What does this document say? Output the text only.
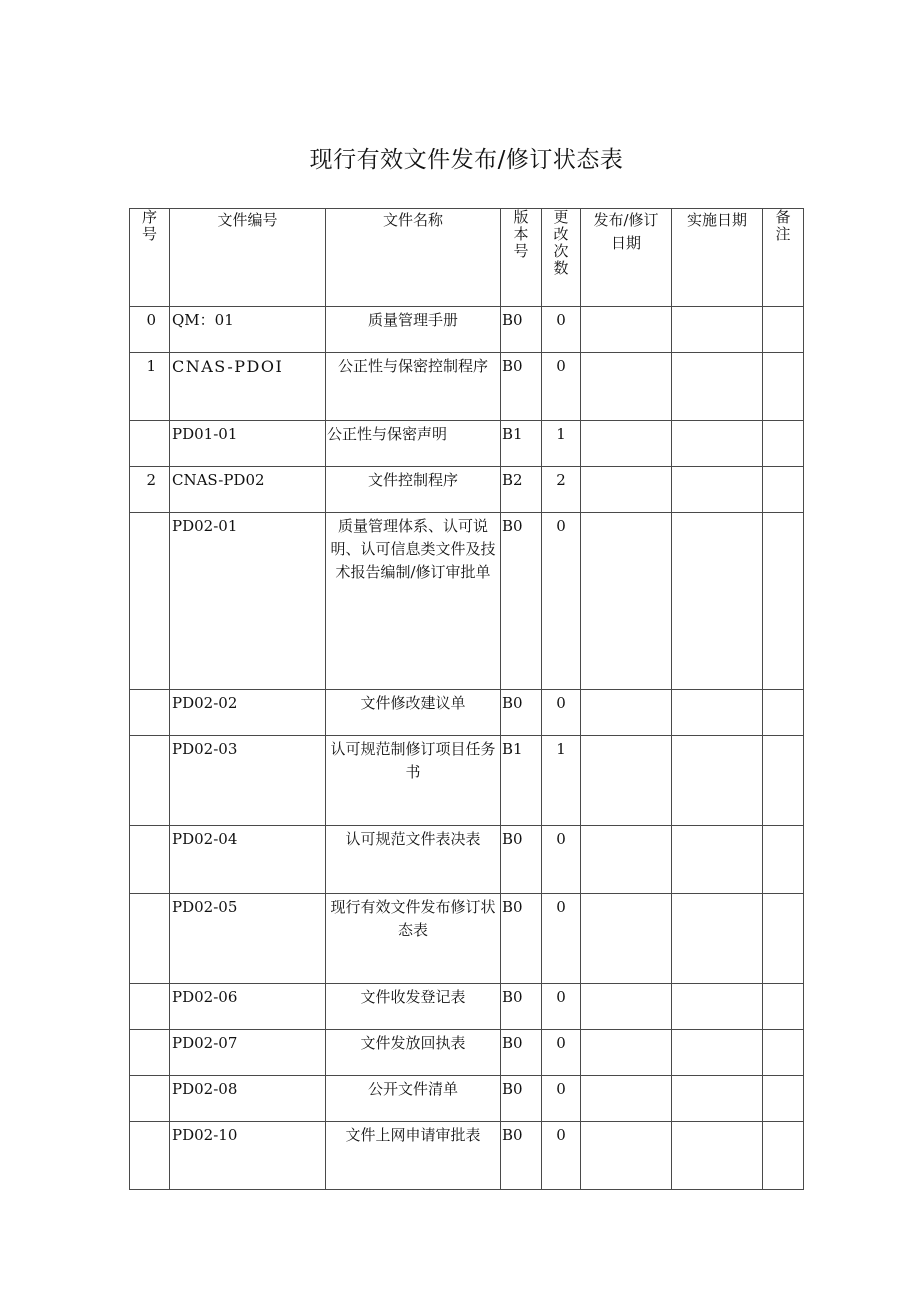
现行有效文件发布/修订状态表
序号	文件编号	文件名称	版本号	更改次数	发布/修订日期	实施日期	备注
0	QM：01	质量管理手册	B0	0			
1	CNAS-PDOI	公正性与保密控制程序	B0	0			
	PD01-01	公正性与保密声明	B1	1			
2	CNAS-PD02	文件控制程序	B2	2			
	PD02-01	质量管理体系、认可说明、认可信息类文件及技术报告编制/修订审批单	B0	0			
	PD02-02	文件修改建议单	B0	0			
	PD02-03	认可规范制修订项目任务书	B1	1			
	PD02-04	认可规范文件表决表	B0	0			
	PD02-05	现行有效文件发布修订状态表	B0	0			
	PD02-06	文件收发登记表	B0	0			
	PD02-07	文件发放回执表	B0	0			
	PD02-08	公开文件清单	B0	0			
	PD02-10	文件上网申请审批表	B0	0			
